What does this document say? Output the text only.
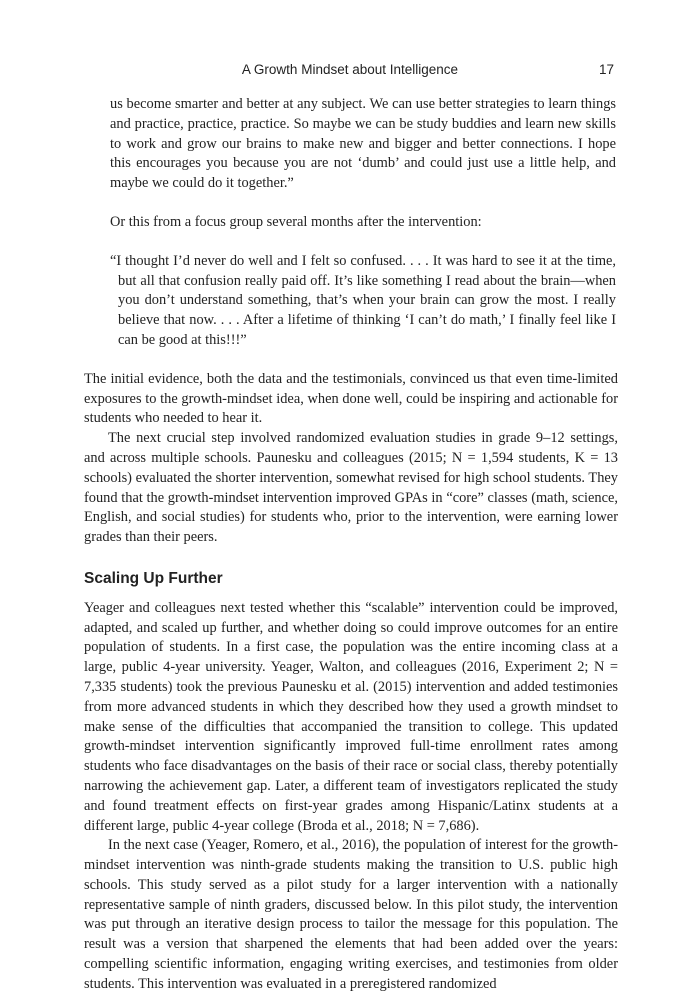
A Growth Mindset about Intelligence	17

us become smarter and better at any subject. We can use better strategies to learn things and practice, practice, practice. So maybe we can be study buddies and learn new skills to work and grow our brains to make new and bigger and better connections. I hope this encourages you because you are not ‘dumb’ and could just use a little help, and maybe we could do it together.”

Or this from a focus group several months after the intervention:

“I thought I’d never do well and I felt so confused. . . . It was hard to see it at the time, but all that confusion really paid off. It’s like something I read about the brain—when you don’t understand something, that’s when your brain can grow the most. I really believe that now. . . . After a lifetime of thinking ‘I can’t do math,’ I finally feel like I can be good at this!!!”

The initial evidence, both the data and the testimonials, convinced us that even time-limited exposures to the growth-mindset idea, when done well, could be inspiring and actionable for students who needed to hear it.

The next crucial step involved randomized evaluation studies in grade 9–12 settings, and across multiple schools. Paunesku and colleagues (2015; N = 1,594 students, K = 13 schools) evaluated the shorter intervention, somewhat revised for high school students. They found that the growth-mindset intervention improved GPAs in “core” classes (math, science, English, and social studies) for students who, prior to the intervention, were earning lower grades than their peers.

Scaling Up Further

Yeager and colleagues next tested whether this “scalable” intervention could be improved, adapted, and scaled up further, and whether doing so could improve outcomes for an entire population of students. In a first case, the population was the entire incoming class at a large, public 4-year university. Yeager, Walton, and colleagues (2016, Experiment 2; N = 7,335 students) took the previous Paunesku et al. (2015) intervention and added testimonies from more advanced students in which they described how they used a growth mindset to make sense of the difficulties that accompanied the transition to college. This updated growth-mindset intervention significantly improved full-time enrollment rates among students who face disadvantages on the basis of their race or social class, thereby potentially narrowing the achievement gap. Later, a different team of investigators replicated the study and found treatment effects on first-year grades among Hispanic/Latinx students at a different large, public 4-year college (Broda et al., 2018; N = 7,686).

In the next case (Yeager, Romero, et al., 2016), the population of interest for the growth-mindset intervention was ninth-grade students making the transition to U.S. public high schools. This study served as a pilot study for a larger intervention with a nationally representative sample of ninth graders, discussed below. In this pilot study, the intervention was put through an iterative design process to tailor the message for this population. The result was a version that sharpened the elements that had been added over the years: compelling scientific information, engaging writing exercises, and testimonies from older students. This intervention was evaluated in a preregistered randomized
